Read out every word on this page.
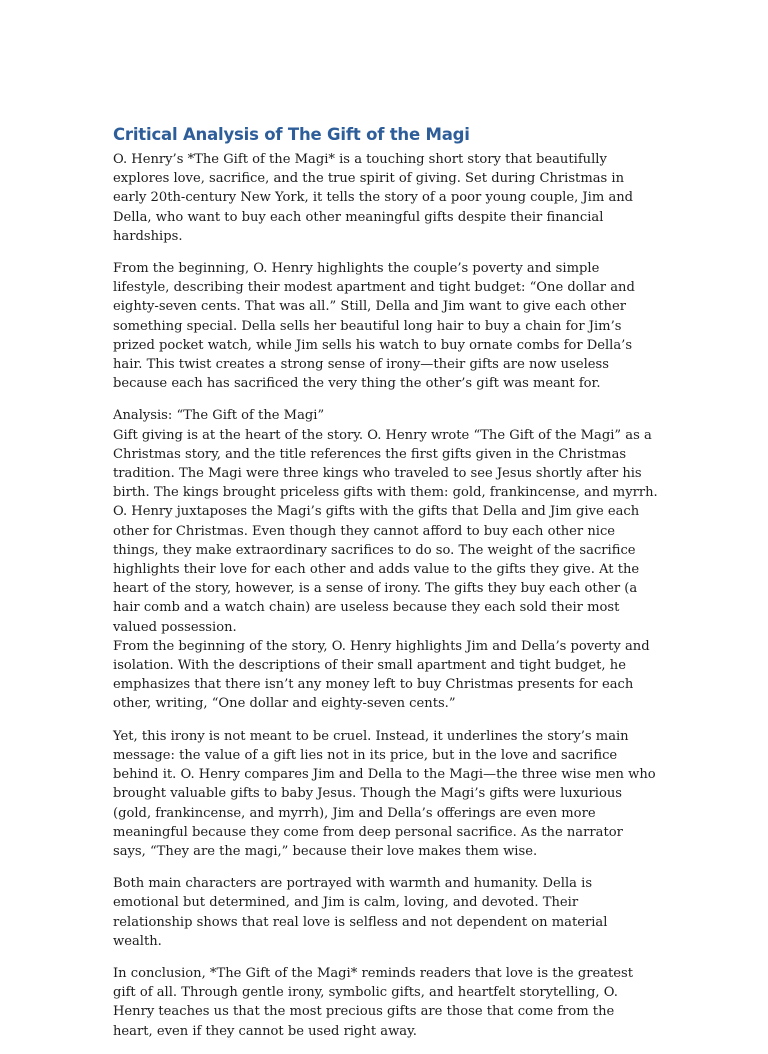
Critical Analysis of The Gift of the Magi

O. Henry’s *The Gift of the Magi* is a touching short story that beautifully explores love, sacrifice, and the true spirit of giving. Set during Christmas in early 20th-century New York, it tells the story of a poor young couple, Jim and Della, who want to buy each other meaningful gifts despite their financial hardships.

From the beginning, O. Henry highlights the couple’s poverty and simple lifestyle, describing their modest apartment and tight budget: “One dollar and eighty-seven cents. That was all.” Still, Della and Jim want to give each other something special. Della sells her beautiful long hair to buy a chain for Jim’s prized pocket watch, while Jim sells his watch to buy ornate combs for Della’s hair. This twist creates a strong sense of irony—their gifts are now useless because each has sacrificed the very thing the other’s gift was meant for.

Analysis: “The Gift of the Magi”

Gift giving is at the heart of the story. O. Henry wrote “The Gift of the Magi” as a Christmas story, and the title references the first gifts given in the Christmas tradition. The Magi were three kings who traveled to see Jesus shortly after his birth. The kings brought priceless gifts with them: gold, frankincense, and myrrh. O. Henry juxtaposes the Magi’s gifts with the gifts that Della and Jim give each other for Christmas. Even though they cannot afford to buy each other nice things, they make extraordinary sacrifices to do so. The weight of the sacrifice highlights their love for each other and adds value to the gifts they give. At the heart of the story, however, is a sense of irony. The gifts they buy each other (a hair comb and a watch chain) are useless because they each sold their most valued possession.

From the beginning of the story, O. Henry highlights Jim and Della’s poverty and isolation. With the descriptions of their small apartment and tight budget, he emphasizes that there isn’t any money left to buy Christmas presents for each other, writing, “One dollar and eighty-seven cents.”

Yet, this irony is not meant to be cruel. Instead, it underlines the story’s main message: the value of a gift lies not in its price, but in the love and sacrifice behind it. O. Henry compares Jim and Della to the Magi—the three wise men who brought valuable gifts to baby Jesus. Though the Magi’s gifts were luxurious (gold, frankincense, and myrrh), Jim and Della’s offerings are even more meaningful because they come from deep personal sacrifice. As the narrator says, “They are the magi,” because their love makes them wise.

Both main characters are portrayed with warmth and humanity. Della is emotional but determined, and Jim is calm, loving, and devoted. Their relationship shows that real love is selfless and not dependent on material wealth.

In conclusion, *The Gift of the Magi* reminds readers that love is the greatest gift of all. Through gentle irony, symbolic gifts, and heartfelt storytelling, O. Henry teaches us that the most precious gifts are those that come from the heart, even if they cannot be used right away.
